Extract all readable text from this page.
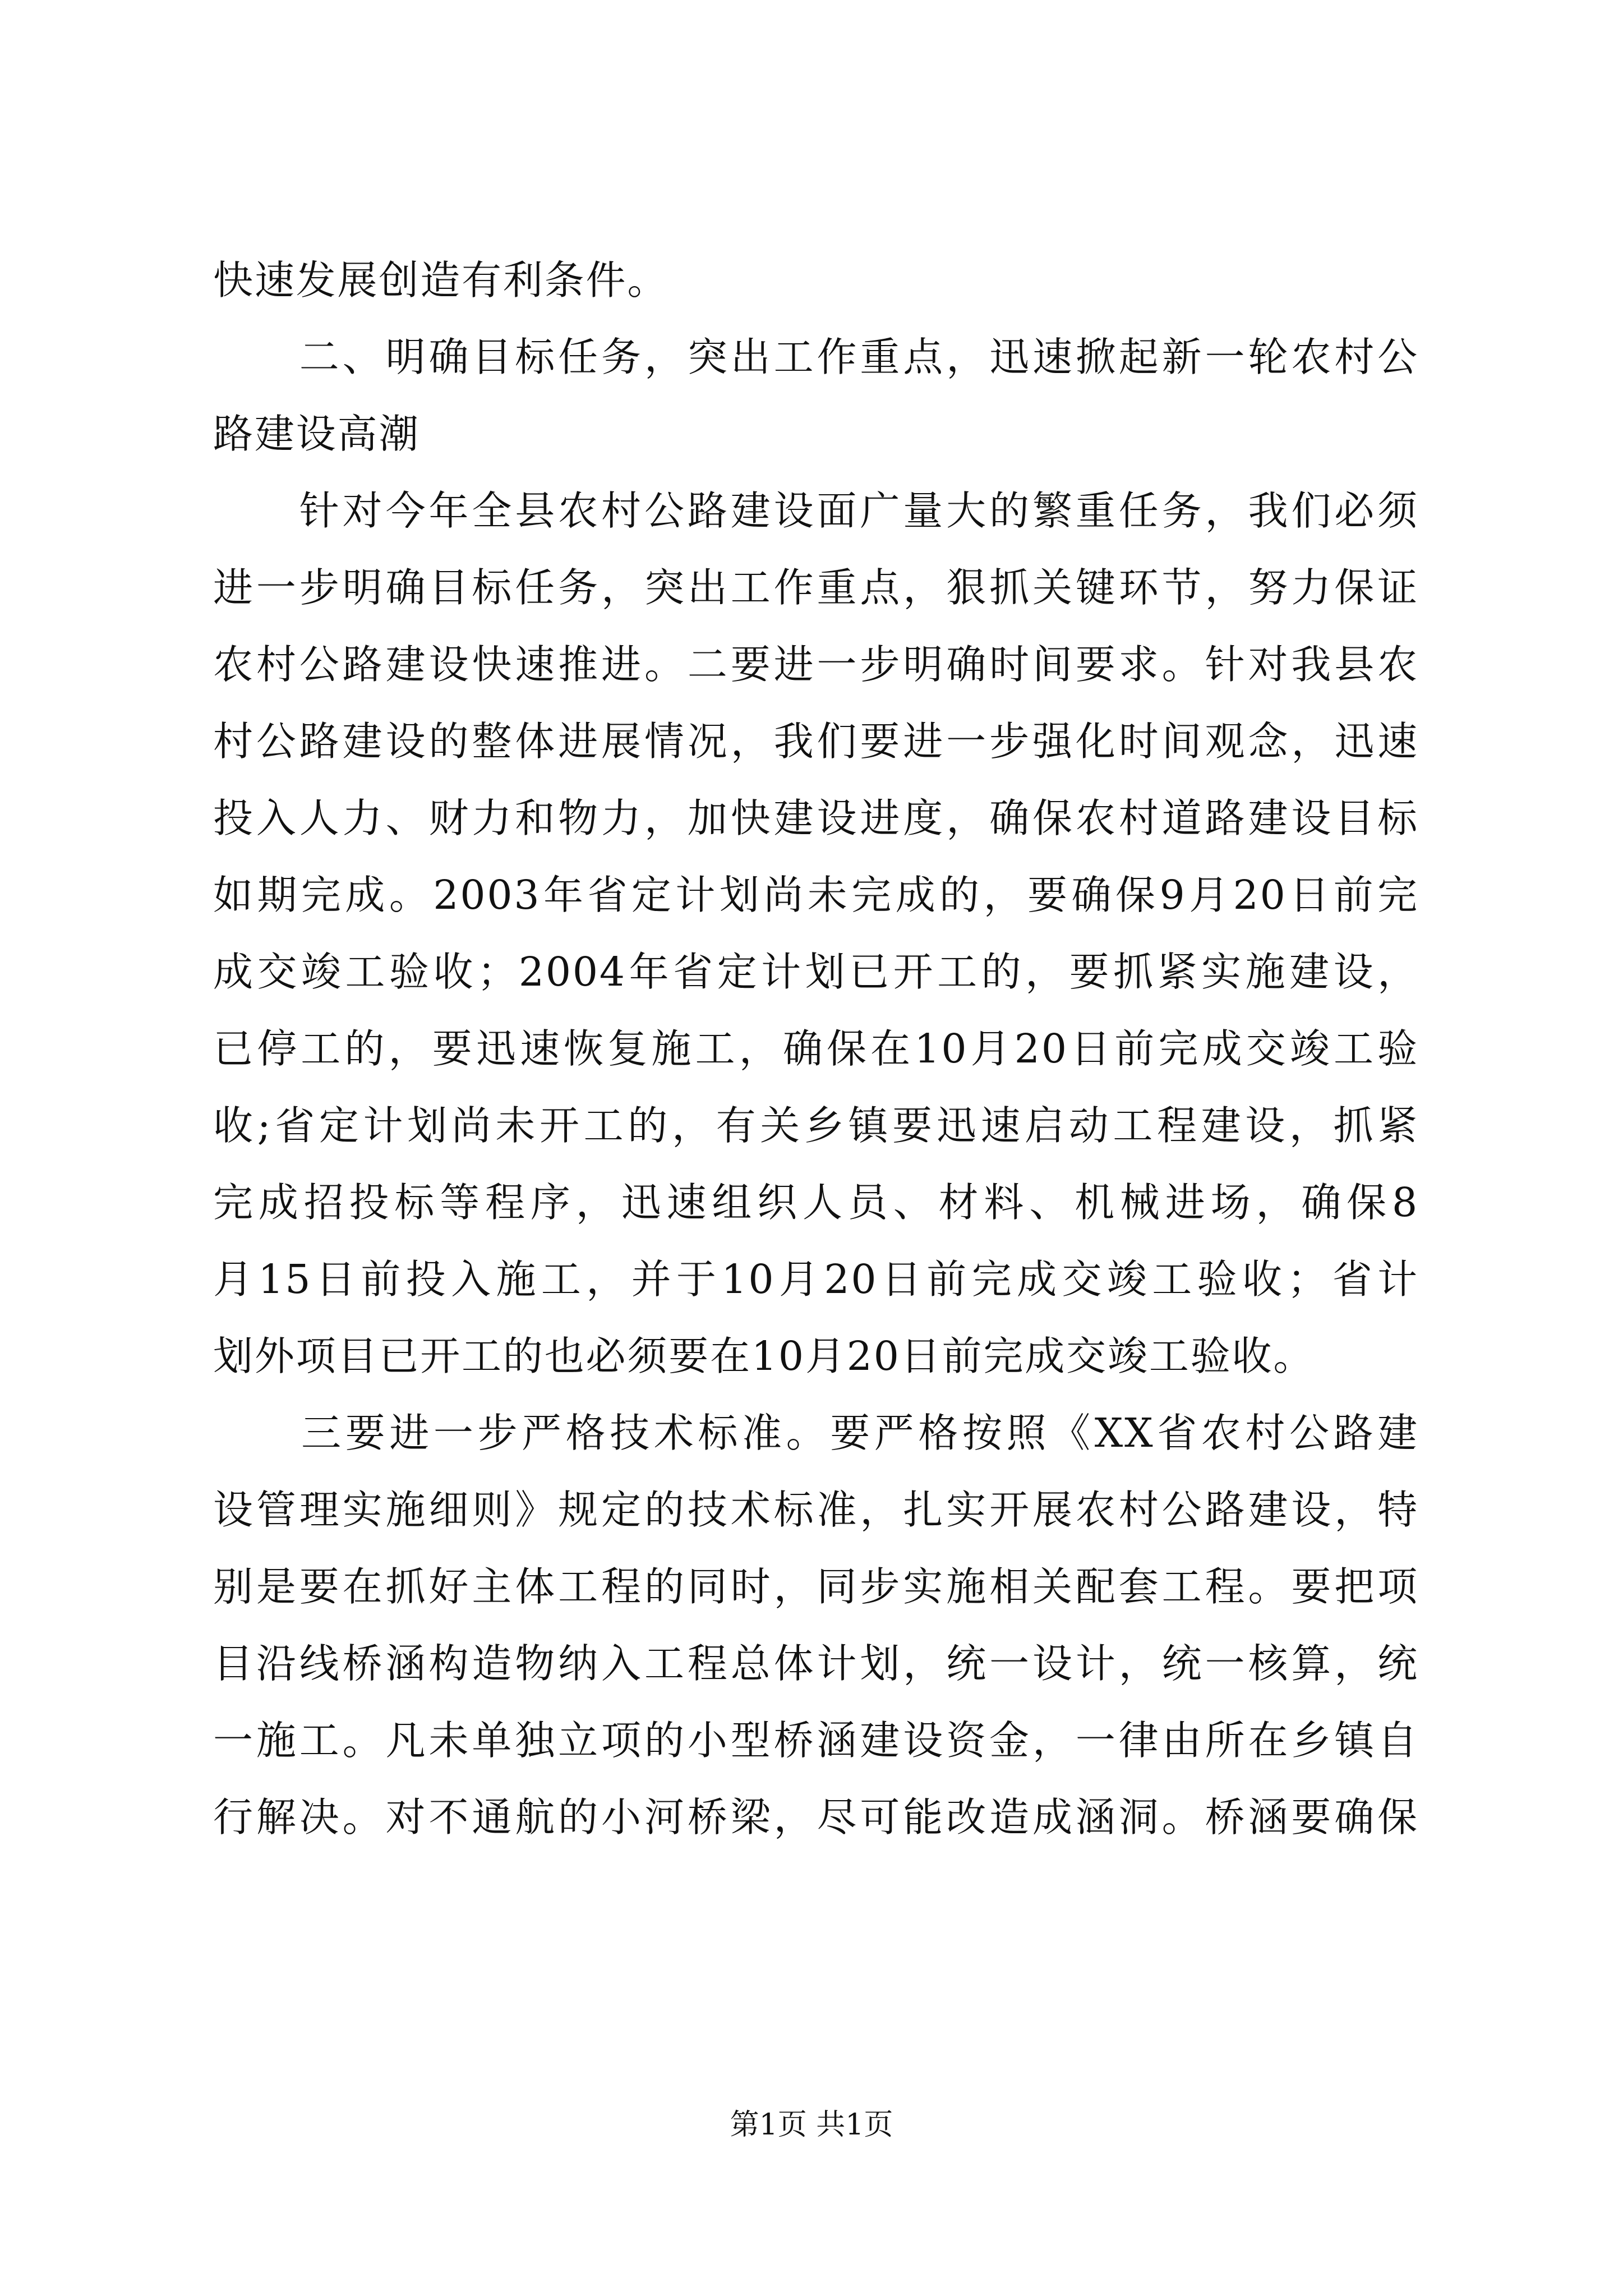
快速发展创造有利条件。
　　二、明确目标任务，突出工作重点，迅速掀起新一轮农村公
路建设高潮
　　针对今年全县农村公路建设面广量大的繁重任务，我们必须
进一步明确目标任务，突出工作重点，狠抓关键环节，努力保证
农村公路建设快速推进。二要进一步明确时间要求。针对我县农
村公路建设的整体进展情况，我们要进一步强化时间观念，迅速
投入人力、财力和物力，加快建设进度，确保农村道路建设目标
如期完成。2003年省定计划尚未完成的，要确保9月20日前完
成交竣工验收；2004年省定计划已开工的，要抓紧实施建设，
已停工的，要迅速恢复施工，确保在10月20日前完成交竣工验
收;省定计划尚未开工的，有关乡镇要迅速启动工程建设，抓紧
完成招投标等程序，迅速组织人员、材料、机械进场，确保8
月15日前投入施工，并于10月20日前完成交竣工验收；省计
划外项目已开工的也必须要在10月20日前完成交竣工验收。
　　三要进一步严格技术标准。要严格按照《XX省农村公路建
设管理实施细则》规定的技术标准，扎实开展农村公路建设，特
别是要在抓好主体工程的同时，同步实施相关配套工程。要把项
目沿线桥涵构造物纳入工程总体计划，统一设计，统一核算，统
一施工。凡未单独立项的小型桥涵建设资金，一律由所在乡镇自
行解决。对不通航的小河桥梁，尽可能改造成涵洞。桥涵要确保
第1页 共1页
